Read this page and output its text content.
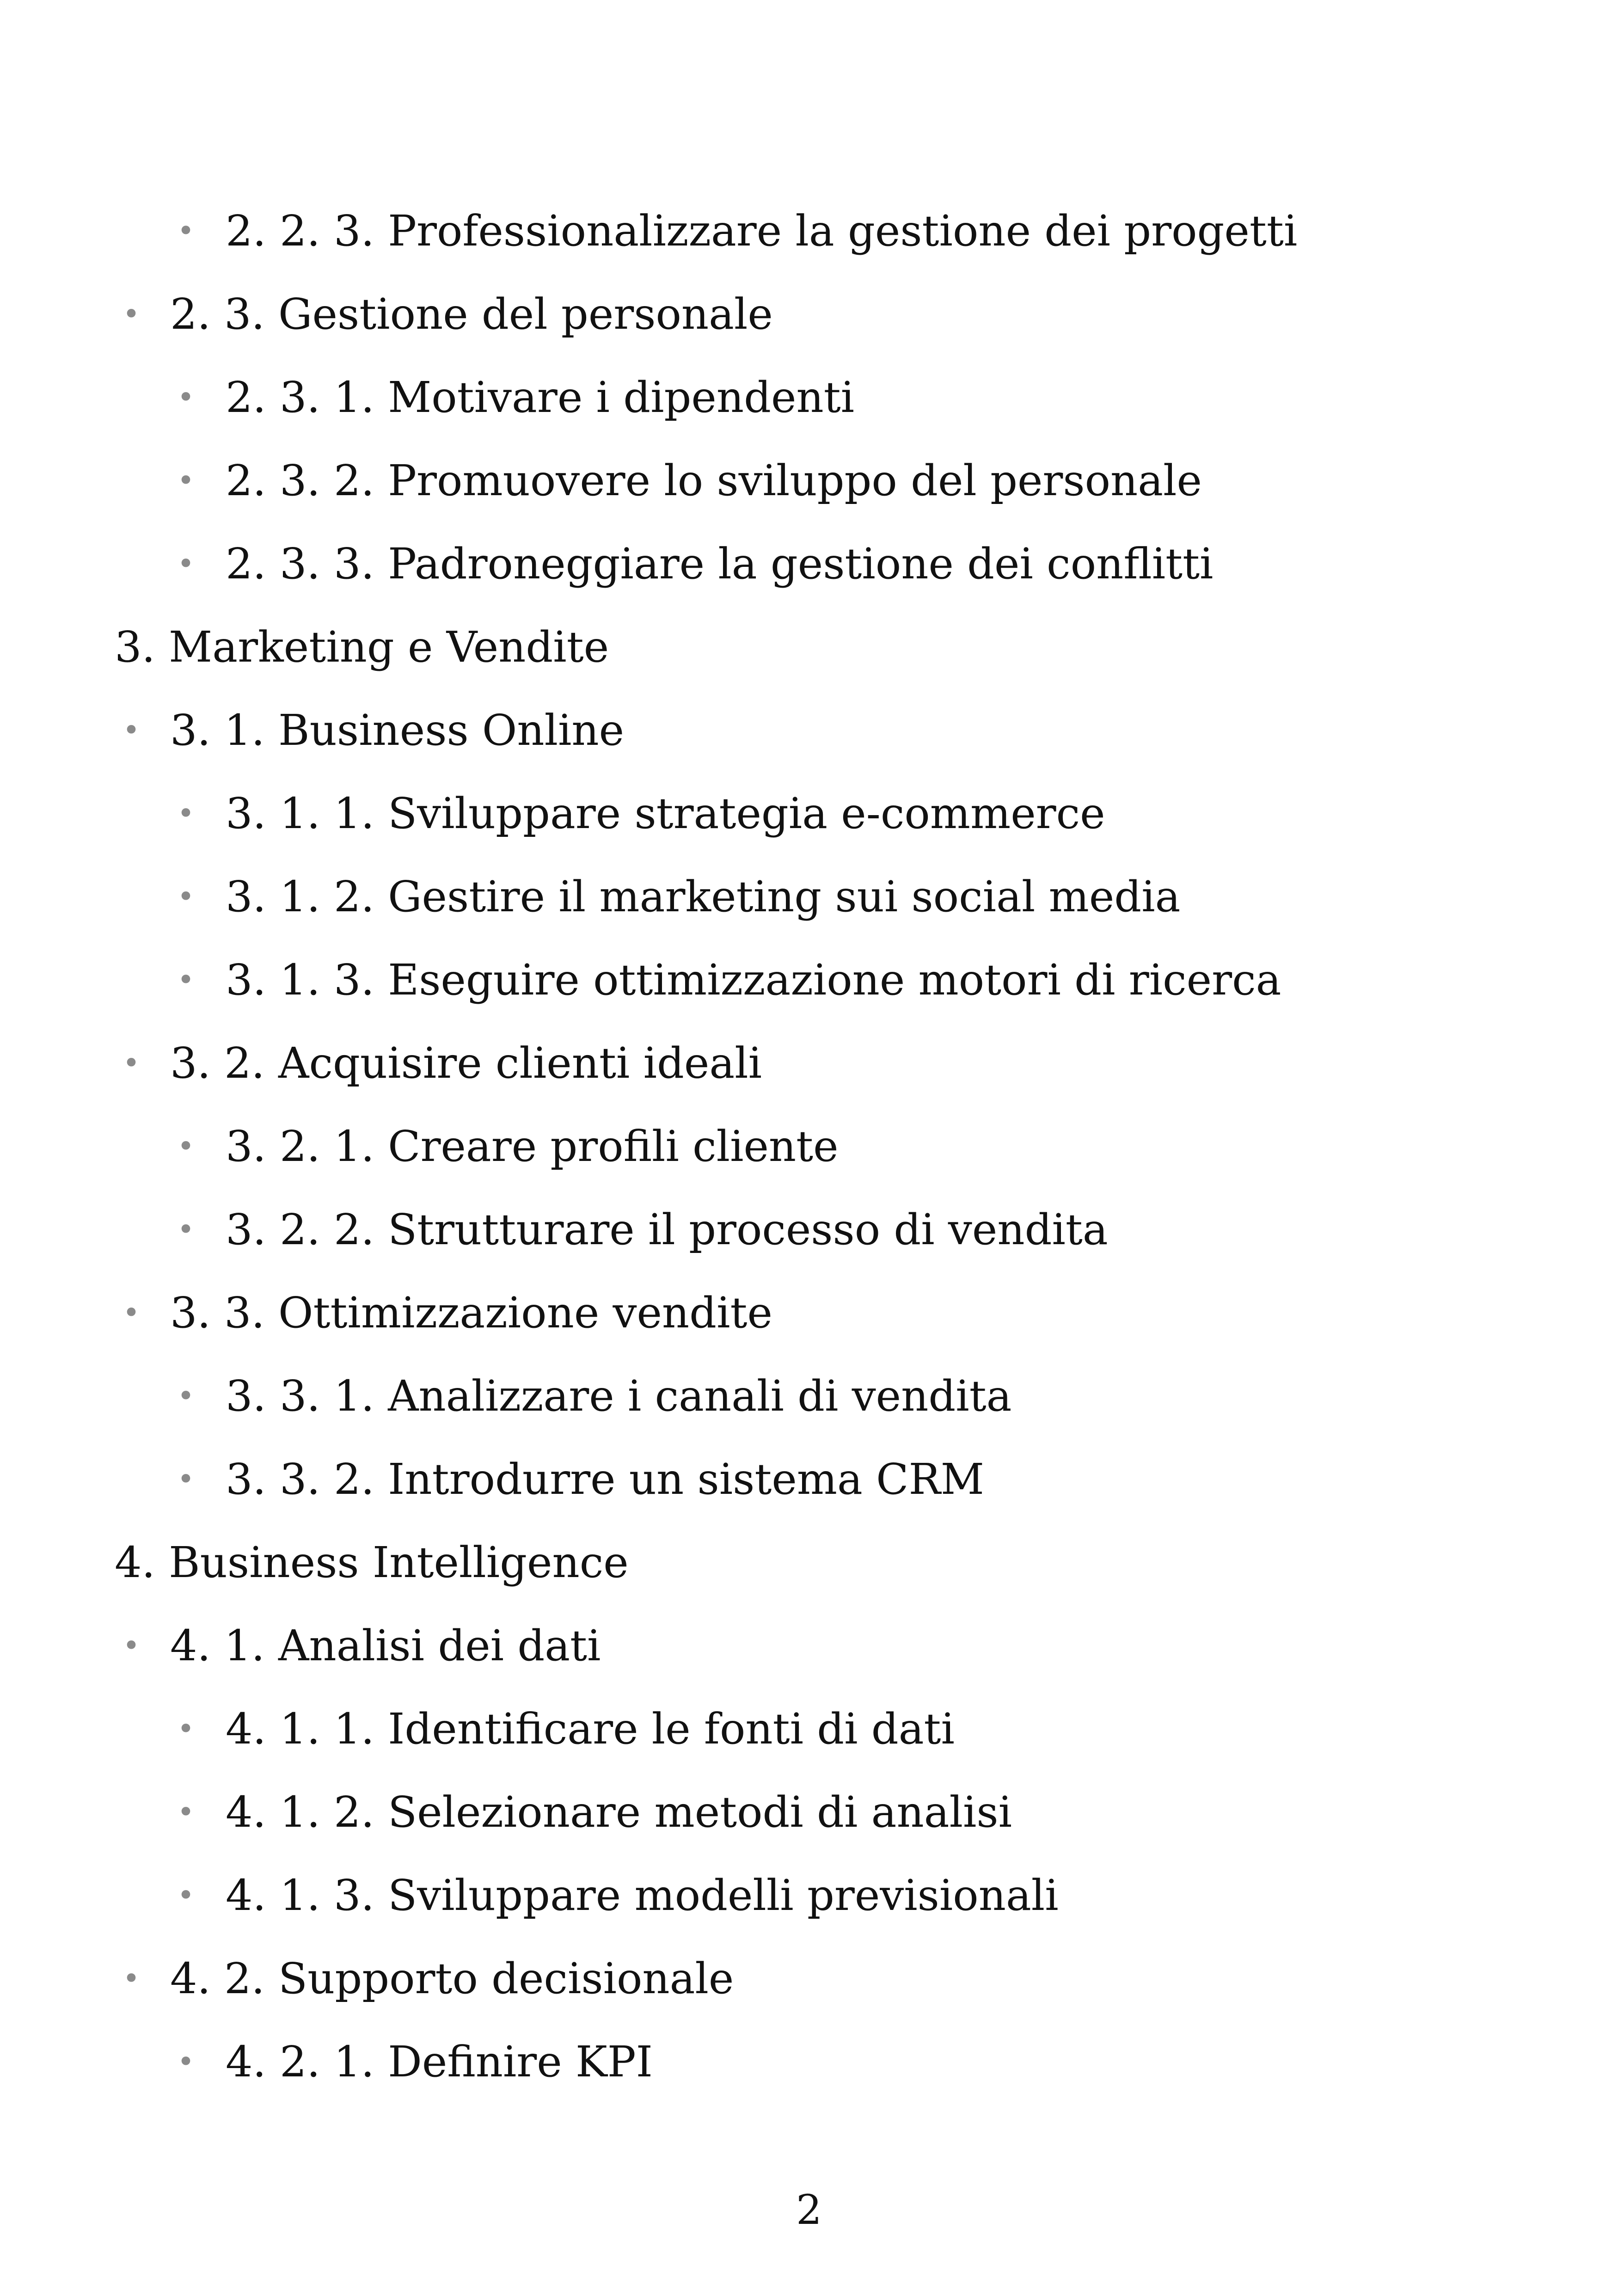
• 2. 2. 3. Professionalizzare la gestione dei progetti
• 2. 3. Gestione del personale
• 2. 3. 1. Motivare i dipendenti
• 2. 3. 2. Promuovere lo sviluppo del personale
• 2. 3. 3. Padroneggiare la gestione dei conflitti
3. Marketing e Vendite
• 3. 1. Business Online
• 3. 1. 1. Sviluppare strategia e-commerce
• 3. 1. 2. Gestire il marketing sui social media
• 3. 1. 3. Eseguire ottimizzazione motori di ricerca
• 3. 2. Acquisire clienti ideali
• 3. 2. 1. Creare profili cliente
• 3. 2. 2. Strutturare il processo di vendita
• 3. 3. Ottimizzazione vendite
• 3. 3. 1. Analizzare i canali di vendita
• 3. 3. 2. Introdurre un sistema CRM
4. Business Intelligence
• 4. 1. Analisi dei dati
• 4. 1. 1. Identificare le fonti di dati
• 4. 1. 2. Selezionare metodi di analisi
• 4. 1. 3. Sviluppare modelli previsionali
• 4. 2. Supporto decisionale
• 4. 2. 1. Definire KPI
2
